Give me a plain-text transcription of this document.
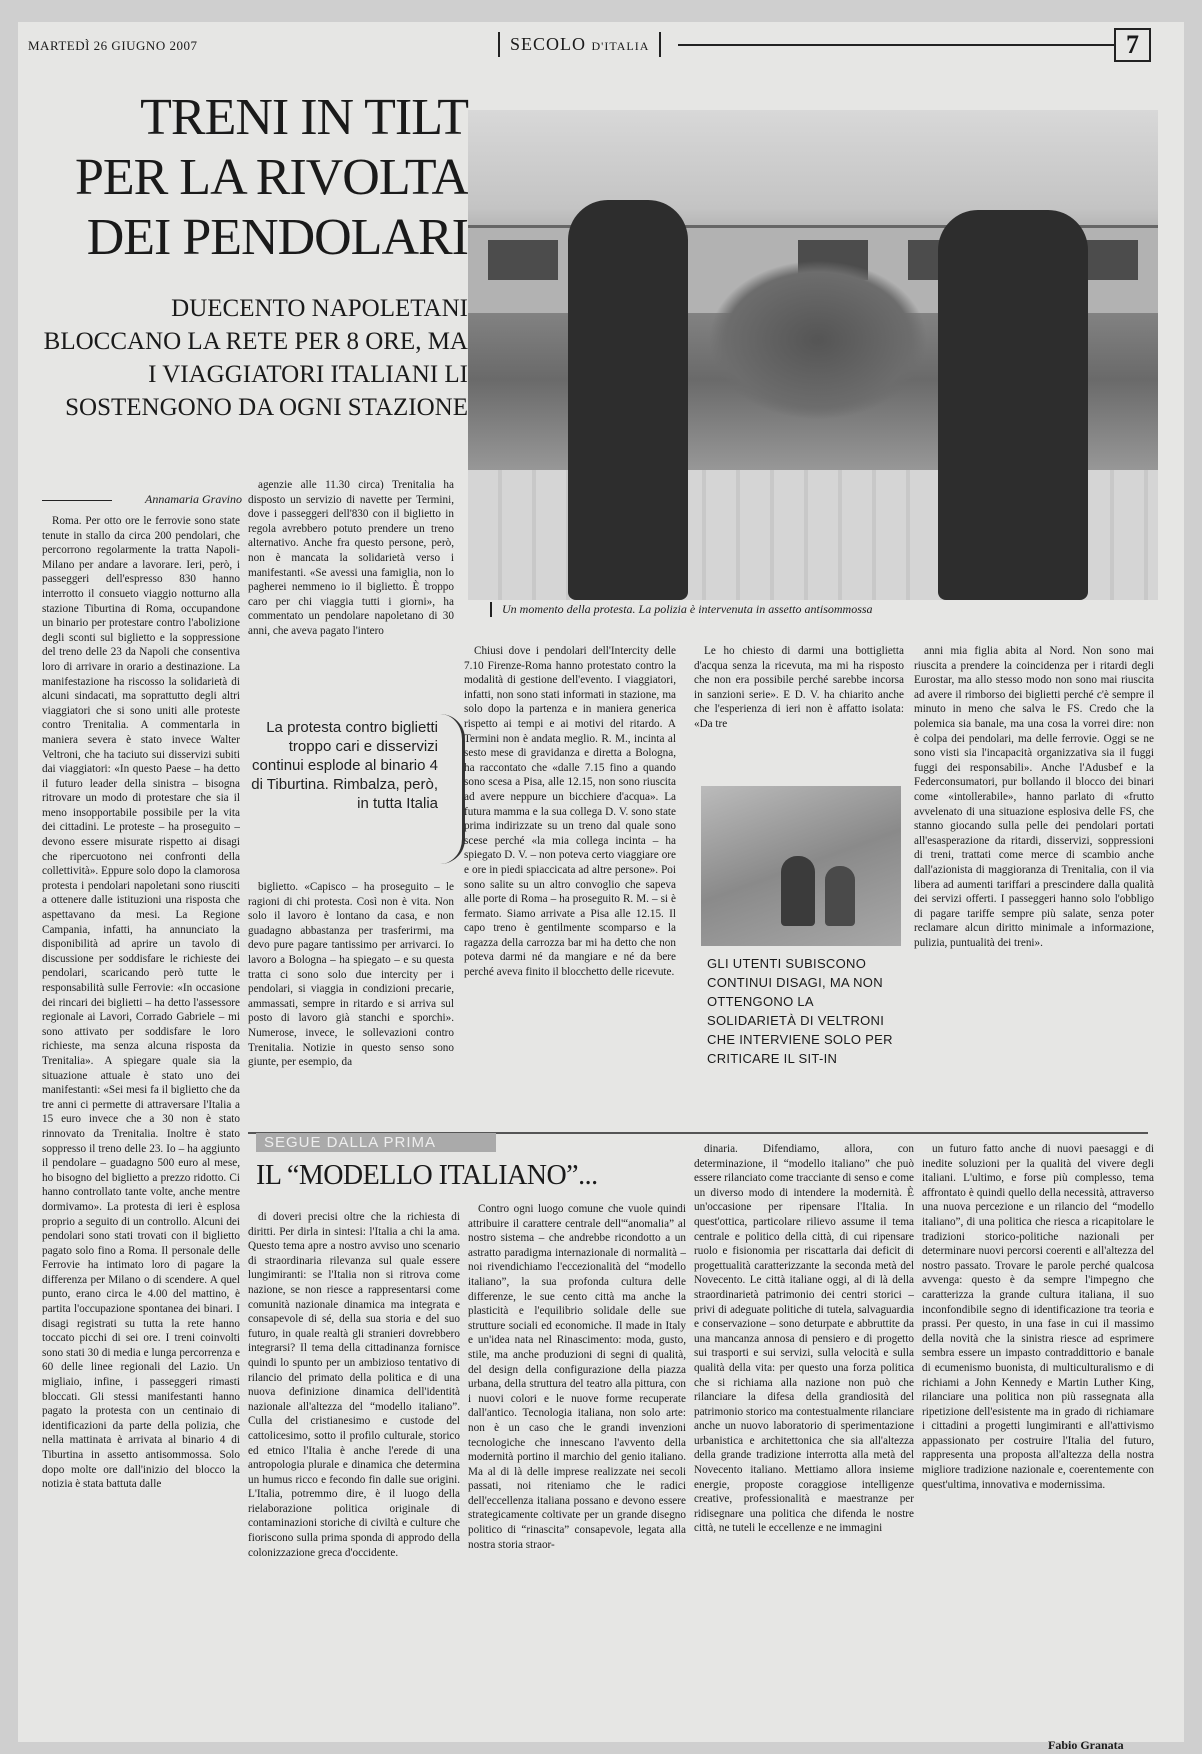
MARTEDÌ 26 GIUGNO 2007	SECOLO D'ITALIA	7
TRENI IN TILT PER LA RIVOLTA DEI PENDOLARI
DUECENTO NAPOLETANI BLOCCANO LA RETE PER 8 ORE, MA I VIAGGIATORI ITALIANI LI SOSTENGONO DA OGNI STAZIONE
Un momento della protesta. La polizia è intervenuta in assetto antisommossa
Annamaria Gravino

Roma. Per otto ore le ferrovie sono state tenute in stallo da circa 200 pendolari, che percorrono regolarmente la tratta Napoli-Milano per andare a lavorare. Ieri, però, i passeggeri dell'espresso 830 hanno interrotto il consueto viaggio notturno alla stazione Tiburtina di Roma, occupandone un binario per protestare contro l'abolizione degli sconti sul biglietto e la soppressione del treno delle 23 da Napoli che consentiva loro di arrivare in orario a destinazione. La manifestazione ha riscosso la solidarietà di alcuni sindacati, ma soprattutto degli altri viaggiatori che si sono uniti alle proteste contro Trenitalia. A commentarla in maniera severa è stato invece Walter Veltroni, che ha taciuto sui disservizi subiti dai viaggiatori: «In questo Paese – ha detto il futuro leader della sinistra – bisogna ritrovare un modo di protestare che sia il meno insopportabile possibile per la vita dei cittadini. Le proteste – ha proseguito – devono essere misurate rispetto ai disagi che ripercuotono nei confronti della collettività». Eppure solo dopo la clamorosa protesta i pendolari napoletani sono riusciti a ottenere dalle istituzioni una risposta che aspettavano da mesi. La Regione Campania, infatti, ha annunciato la disponibilità ad aprire un tavolo di discussione per soddisfare le richieste dei pendolari, scaricando però tutte le responsabilità sulle Ferrovie: «In occasione dei rincari dei biglietti – ha detto l'assessore regionale ai Lavori, Corrado Gabriele – mi sono attivato per soddisfare le loro richieste, ma senza alcuna risposta da Trenitalia». A spiegare quale sia la situazione attuale è stato uno dei manifestanti: «Sei mesi fa il biglietto che da tre anni ci permette di attraversare l'Italia a 15 euro invece che a 30 non è stato rinnovato da Trenitalia. Inoltre è stato soppresso il treno delle 23. Io – ha aggiunto il pendolare – guadagno 500 euro al mese, ho bisogno del biglietto a prezzo ridotto. Ci hanno controllato tante volte, anche mentre dormivamo». La protesta di ieri è esplosa proprio a seguito di un controllo. Alcuni dei pendolari sono stati trovati con il biglietto pagato solo fino a Roma. Il personale delle Ferrovie ha intimato loro di pagare la differenza per Milano o di scendere. A quel punto, erano circa le 4.00 del mattino, è partita l'occupazione spontanea dei binari. I disagi registrati su tutta la rete hanno toccato picchi di sei ore. I treni coinvolti sono stati 30 di media e lunga percorrenza e 60 delle linee regionali del Lazio. Un migliaio, infine, i passeggeri rimasti bloccati. Gli stessi manifestanti hanno pagato la protesta con un centinaio di identificazioni da parte della polizia, che nella mattinata è arrivata al binario 4 di Tiburtina in assetto antisommossa. Solo dopo molte ore dall'inizio del blocco la notizia è stata battuta dalle

agenzie alle 11.30 circa) Trenitalia ha disposto un servizio di navette per Termini, dove i passeggeri dell'830 con il biglietto in regola avrebbero potuto prendere un treno alternativo. Anche fra questo persone, però, non è mancata la solidarietà verso i manifestanti. «Se avessi una famiglia, non lo pagherei nemmeno io il biglietto. È troppo caro per chi viaggia tutti i giorni», ha commentato un pendolare napoletano di 30 anni, che aveva pagato l'intero

La protesta contro biglietti troppo cari e disservizi continui esplode al binario 4 di Tiburtina. Rimbalza, però, in tutta Italia

biglietto. «Capisco – ha proseguito – le ragioni di chi protesta. Così non è vita. Non solo il lavoro è lontano da casa, e non guadagno abbastanza per trasferirmi, ma devo pure pagare tantissimo per arrivarci. Io lavoro a Bologna – ha spiegato – e su questa tratta ci sono solo due intercity per i pendolari, si viaggia in condizioni precarie, ammassati, sempre in ritardo e si arriva sul posto di lavoro già stanchi e sporchi». Numerose, invece, le sollevazioni contro Trenitalia. Notizie in questo senso sono giunte, per esempio, da

Chiusi dove i pendolari dell'Intercity delle 7.10 Firenze-Roma hanno protestato contro la modalità di gestione dell'evento. I viaggiatori, infatti, non sono stati informati in stazione, ma solo dopo la partenza e in maniera generica rispetto ai tempi e ai motivi del ritardo. A Termini non è andata meglio. R. M., incinta al sesto mese di gravidanza e diretta a Bologna, ha raccontato che «dalle 7.15 fino a quando sono scesa a Pisa, alle 12.15, non sono riuscita ad avere neppure un bicchiere d'acqua». La futura mamma e la sua collega D. V. sono state prima indirizzate su un treno dal quale sono scese perché «la mia collega incinta – ha spiegato D. V. – non poteva certo viaggiare ore e ore in piedi spiaccicata ad altre persone». Poi sono salite su un altro convoglio che sapeva alle porte di Roma – ha proseguito R. M. – si è fermato. Siamo arrivate a Pisa alle 12.15. Il capo treno è gentilmente scomparso e la ragazza della carrozza bar mi ha detto che non poteva darmi né da mangiare e né da bere perché aveva finito il blocchetto delle ricevute.

Le ho chiesto di darmi una bottiglietta d'acqua senza la ricevuta, ma mi ha risposto che non era possibile perché sarebbe incorsa in sanzioni serie». E D. V. ha chiarito anche che l'esperienza di ieri non è affatto isolata: «Da tre

GLI UTENTI SUBISCONO CONTINUI DISAGI, MA NON OTTENGONO LA SOLIDARIETÀ DI VELTRONI CHE INTERVIENE SOLO PER CRITICARE IL SIT-IN

anni mia figlia abita al Nord. Non sono mai riuscita a prendere la coincidenza per i ritardi degli Eurostar, ma allo stesso modo non sono mai riuscita ad avere il rimborso dei biglietti perché c'è sempre il minuto in meno che salva le FS. Credo che la polemica sia banale, ma una cosa la vorrei dire: non è colpa dei pendolari, ma delle ferrovie. Oggi se ne sono visti sia l'incapacità organizzativa sia il fuggi fuggi dei responsabili». Anche l'Adusbef e la Federconsumatori, pur bollando il blocco dei binari come «intollerabile», hanno parlato di «frutto avvelenato di una situazione esplosiva delle FS, che stanno giocando sulla pelle dei pendolari portati all'esasperazione da ritardi, disservizi, soppressioni di treni, trattati come merce di scambio anche dall'azionista di maggioranza di Trenitalia, con il via libera ad aumenti tariffari a prescindere dalla qualità dei servizi offerti. I passeggeri hanno solo l'obbligo di pagare tariffe sempre più salate, senza poter reclamare alcun diritto minimale a informazione, pulizia, puntualità dei treni».

SEGUE DALLA PRIMA
IL “MODELLO ITALIANO”...

di doveri precisi oltre che la richiesta di diritti. Per dirla in sintesi: l'Italia a chi la ama. Questo tema apre a nostro avviso uno scenario di straordinaria rilevanza sul quale essere lungimiranti: se l'Italia non si ritrova come nazione, se non riesce a rappresentarsi come comunità nazionale dinamica ma integrata e consapevole di sé, della sua storia e del suo futuro, in quale realtà gli stranieri dovrebbero integrarsi? Il tema della cittadinanza fornisce quindi lo spunto per un ambizioso tentativo di rilancio del primato della politica e di una nuova definizione dinamica dell'identità nazionale all'altezza del “modello italiano”. Culla del cristianesimo e custode del cattolicesimo, sotto il profilo culturale, storico ed etnico l'Italia è anche l'erede di una antropologia plurale e dinamica che determina un humus ricco e fecondo fin dalle sue origini. L'Italia, potremmo dire, è il luogo della rielaborazione politica originale di contaminazioni storiche di civiltà e culture che fioriscono sulla prima sponda di approdo della colonizzazione greca d'occidente.

Contro ogni luogo comune che vuole quindi attribuire il carattere centrale dell'“anomalia” al nostro sistema – che andrebbe ricondotto a un astratto paradigma internazionale di normalità – noi rivendichiamo l'eccezionalità del “modello italiano”, la sua profonda cultura delle differenze, le sue cento città ma anche la plasticità e l'equilibrio solidale delle sue strutture sociali ed economiche. Il made in Italy e un'idea nata nel Rinascimento: moda, gusto, stile, ma anche produzioni di segni di qualità, del design della configurazione della piazza urbana, della struttura del teatro alla pittura, con i nuovi colori e le nuove forme recuperate dall'antico. Tecnologia italiana, non solo arte: non è un caso che le grandi invenzioni tecnologiche che innescano l'avvento della modernità portino il marchio del genio italiano. Ma al di là delle imprese realizzate nei secoli passati, noi riteniamo che le radici dell'eccellenza italiana possano e devono essere strategicamente coltivate per un grande disegno politico di “rinascita” consapevole, legata alla nostra storia straor-

dinaria. Difendiamo, allora, con determinazione, il “modello italiano” che può essere rilanciato come tracciante di senso e come un diverso modo di intendere la modernità. È un'occasione per ripensare l'Italia. In quest'ottica, particolare rilievo assume il tema centrale e politico della città, di cui ripensare ruolo e fisionomia per riscattarla dai deficit di progettualità caratterizzante la seconda metà del Novecento. Le città italiane oggi, al di là della straordinarietà patrimonio dei centri storici – privi di adeguate politiche di tutela, salvaguardia e conservazione – sono deturpate e abbruttite da una mancanza annosa di pensiero e di progetto sui trasporti e sui servizi, sulla velocità e sulla qualità della vita: per questo una forza politica che si richiama alla nazione non può che rilanciare la difesa della grandiosità del patrimonio storico ma contestualmente rilanciare anche un nuovo laboratorio di sperimentazione urbanistica e architettonica che sia all'altezza della grande tradizione interrotta alla metà del Novecento italiano. Mettiamo allora insieme energie, proposte coraggiose intelligenze creative, professionalità e maestranze per ridisegnare una politica che difenda le nostre città, ne tuteli le eccellenze e ne immagini

un futuro fatto anche di nuovi paesaggi e di inedite soluzioni per la qualità del vivere degli italiani. L'ultimo, e forse più complesso, tema affrontato è quindi quello della necessità, attraverso una nuova percezione e un rilancio del “modello italiano”, di una politica che riesca a ricapitolare le tradizioni storico-politiche nazionali per determinare nuovi percorsi coerenti e all'altezza del nostro passato. Trovare le parole perché qualcosa avvenga: questo è da sempre l'impegno che caratterizza la grande cultura italiana, il suo inconfondibile segno di identificazione tra teoria e prassi. Per questo, in una fase in cui il massimo della novità che la sinistra riesce ad esprimere sembra essere un impasto contraddittorio e banale di ecumenismo buonista, di multiculturalismo e di richiami a John Kennedy e Martin Luther King, rilanciare una politica non più rassegnata alla ripetizione dell'esistente ma in grado di richiamare i cittadini a progetti lungimiranti e all'attivismo appassionato per costruire l'Italia del futuro, rappresenta una proposta all'altezza della nostra migliore tradizione nazionale e, coerentemente con quest'ultima, innovativa e modernissima.

Fabio Granata
